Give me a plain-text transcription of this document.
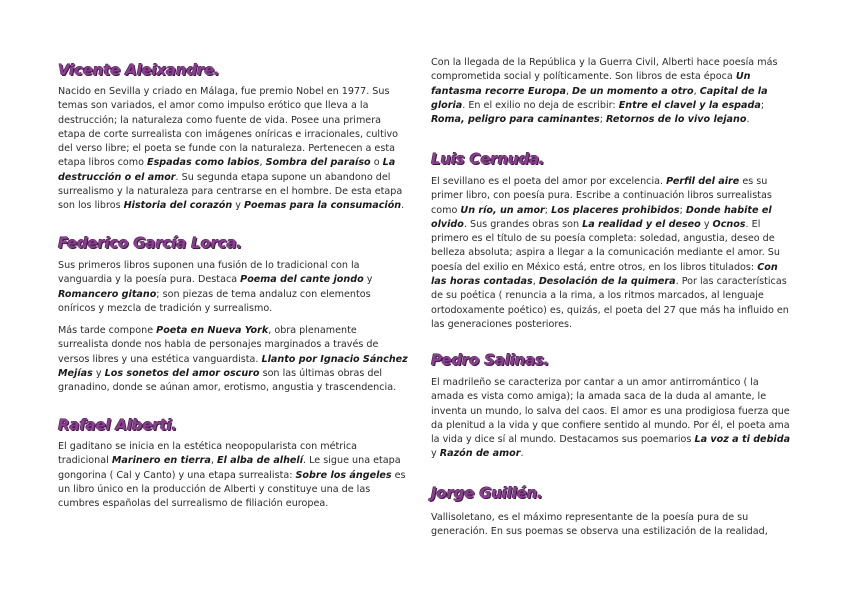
Vicente Aleixandre.

Nacido en Sevilla y criado en Málaga, fue premio Nobel en 1977. Sus temas son variados, el amor como impulso erótico que lleva a la destrucción; la naturaleza como fuente de vida. Posee una primera etapa de corte surrealista con imágenes oníricas e irracionales, cultivo del verso libre; el poeta se funde con la naturaleza. Pertenecen a esta etapa libros como Espadas como labios, Sombra del paraíso o La destrucción o el amor. Su segunda etapa supone un abandono del surrealismo y la naturaleza para centrarse en el hombre. De esta etapa son los libros Historia del corazón y Poemas para la consumación.

Federico García Lorca.

Sus primeros libros suponen una fusión de lo tradicional con la vanguardia y la poesía pura. Destaca Poema del cante jondo y Romancero gitano; son piezas de tema andaluz con elementos oníricos y mezcla de tradición y surrealismo.

Más tarde compone Poeta en Nueva York, obra plenamente surrealista donde nos habla de personajes marginados a través de versos libres y una estética vanguardista. Llanto por Ignacio Sánchez Mejías y Los sonetos del amor oscuro son las últimas obras del granadino, donde se aúnan amor, erotismo, angustia y trascendencia.

Rafael Alberti.

El gaditano se inicia en la estética neopopularista con métrica tradicional Marinero en tierra, El alba de alhelí. Le sigue una etapa gongorina ( Cal y Canto) y una etapa surrealista: Sobre los ángeles es un libro único en la producción de Alberti y constituye una de las cumbres españolas del surrealismo de filiación europea.

Con la llegada de la República y la Guerra Civil, Alberti hace poesía más comprometida social y políticamente. Son libros de esta época Un fantasma recorre Europa, De un momento a otro, Capital de la gloria. En el exilio no deja de escribir: Entre el clavel y la espada; Roma, peligro para caminantes; Retornos de lo vivo lejano.

Luis Cernuda.

El sevillano es el poeta del amor por excelencia. Perfil del aire es su primer libro, con poesía pura. Escribe a continuación libros surrealistas como Un río, un amor; Los placeres prohibidos; Donde habite el olvido. Sus grandes obras son La realidad y el deseo y Ocnos. El primero es el título de su poesía completa: soledad, angustia, deseo de belleza absoluta; aspira a llegar a la comunicación mediante el amor. Su poesía del exilio en México está, entre otros, en los libros titulados: Con las horas contadas, Desolación de la quimera. Por las características de su poética ( renuncia a la rima, a los ritmos marcados, al lenguaje ortodoxamente poético) es, quizás, el poeta del 27 que más ha influido en las generaciones posteriores.

Pedro Salinas.

El madrileño se caracteriza por cantar a un amor antirromántico ( la amada es vista como amiga); la amada saca de la duda al amante, le inventa un mundo, lo salva del caos. El amor es una prodigiosa fuerza que da plenitud a la vida y que confiere sentido al mundo. Por él, el poeta ama la vida y dice sí al mundo. Destacamos sus poemarios La voz a ti debida y Razón de amor.

Jorge Guillén.

Vallisoletano, es el máximo representante de la poesía pura de su generación. En sus poemas se observa una estilización de la realidad,
